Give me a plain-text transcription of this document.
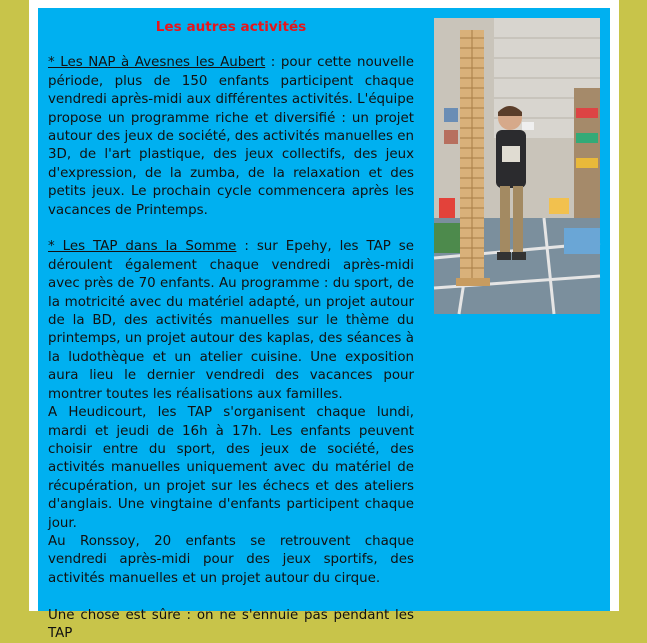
Les autres activités

* Les NAP à Avesnes les Aubert : pour cette nouvelle période, plus de 150 enfants participent chaque vendredi après-midi aux différentes activités. L'équipe propose un programme riche et diversifié : un projet autour des jeux de société, des activités manuelles en 3D, de l'art plastique, des jeux collectifs, des jeux d'expression, de la zumba, de la relaxation et des petits jeux. Le prochain cycle commencera après les vacances de Printemps.

* Les TAP dans la Somme : sur Epehy, les TAP se déroulent également chaque vendredi après-midi avec près de 70 enfants. Au programme : du sport, de la motricité avec du matériel adapté, un projet autour de la BD, des activités manuelles sur le thème du printemps, un projet autour des kaplas, des séances à la ludothèque et un atelier cuisine. Une exposition aura lieu le dernier vendredi des vacances pour montrer toutes les réalisations aux familles.

A Heudicourt, les TAP s'organisent chaque lundi, mardi et jeudi de 16h à 17h. Les enfants peuvent choisir entre du sport, des jeux de société, des activités manuelles uniquement avec du matériel de récupération, un projet sur les échecs et des ateliers d'anglais. Une vingtaine d'enfants participent chaque jour.

Au Ronssoy, 20 enfants se retrouvent chaque vendredi après-midi pour des jeux sportifs, des activités manuelles et un projet autour du cirque.

Une chose est sûre : on ne s'ennuie pas pendant les TAP
